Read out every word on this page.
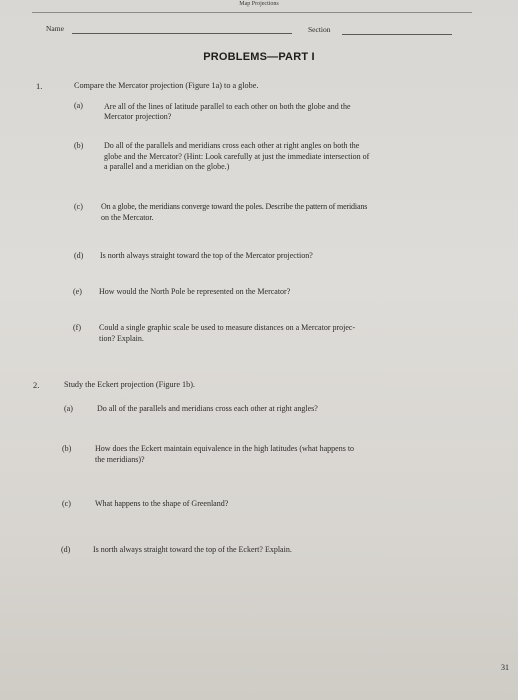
Map Projections
Name	Section
PROBLEMS—PART I
1.	Compare the Mercator projection (Figure 1a) to a globe.
(a)	Are all of the lines of latitude parallel to each other on both the globe and the
Mercator projection?
(b)	Do all of the parallels and meridians cross each other at right angles on both the
globe and the Mercator? (Hint: Look carefully at just the immediate intersection of
a parallel and a meridian on the globe.)
(c) On a globe, the meridians converge toward the poles. Describe the pattern of meridians
on the Mercator.
(d) Is north always straight toward the top of the Mercator projection?
(e) How would the North Pole be represented on the Mercator?
(f) Could a single graphic scale be used to measure distances on a Mercator projec-
tion? Explain.
2.	Study the Eckert projection (Figure 1b).
(a)	Do all of the parallels and meridians cross each other at right angles?
(b)	How does the Eckert maintain equivalence in the high latitudes (what happens to
the meridians)?
(c)	What happens to the shape of Greenland?
(d)	Is north always straight toward the top of the Eckert? Explain.
31
